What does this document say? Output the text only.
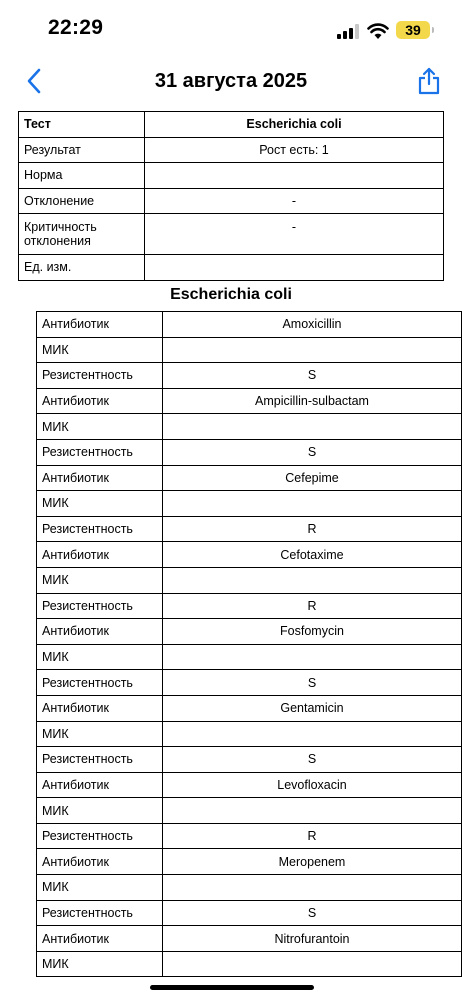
22:29	39
31 августа 2025
Тест	Escherichia coli
Результат	Рост есть: 1
Норма	
Отклонение	-
Критичность отклонения	-
Ед. изм.	
Escherichia coli
Антибиотик	Amoxicillin
МИК	
Резистентность	S
Антибиотик	Ampicillin-sulbactam
МИК	
Резистентность	S
Антибиотик	Cefepime
МИК	
Резистентность	R
Антибиотик	Cefotaxime
МИК	
Резистентность	R
Антибиотик	Fosfomycin
МИК	
Резистентность	S
Антибиотик	Gentamicin
МИК	
Резистентность	S
Антибиотик	Levofloxacin
МИК	
Резистентность	R
Антибиотик	Meropenem
МИК	
Резистентность	S
Антибиотик	Nitrofurantoin
МИК	
